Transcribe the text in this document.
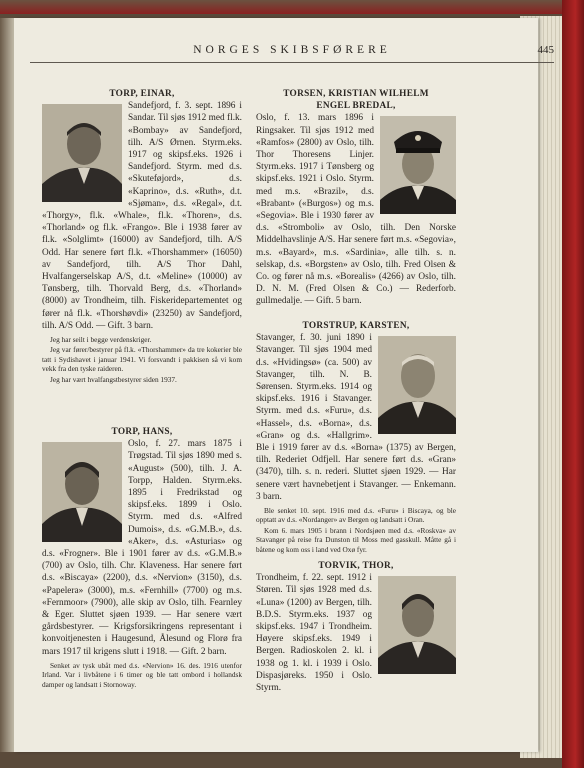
NORGES SKIBSFØRERE	445
TORP, EINAR,

Sandefjord, f. 3. sept. 1896 i Sandar. Til sjøs 1912 med fl.k. «Bombay» av Sandefjord, tilh. A/S Ørnen. Styrm.eks. 1917 og skipsf.eks. 1926 i Sandefjord. Styrm. med d.s. «Skuteføjord», d.s. «Kaprino», d.s. «Ruth», d.t. «Sjøman», d.s. «Regal», d.t. «Thorgy», fl.k. «Whale», fl.k. «Thoren», d.s. «Thorland» og fl.k. «Frango». Ble i 1938 fører av fl.k. «Solglimt» (16000) av Sandefjord, tilh. A/S Odd. Har senere ført fl.k. «Thorshammer» (16050) av Sandefjord, tilh. A/S Thor Dahl, Hvalfangerselskap A/S, d.t. «Meline» (10000) av Tønsberg, tilh. Thorvald Berg, d.s. «Thorland» (8000) av Trondheim, tilh. Fiskeridepartementet og fører nå fl.k. «Thorshøvdi» (23250) av Sandefjord, tilh. A/S Odd. — Gift. 3 barn.

Jeg har seilt i begge verdenskriger.
Jeg var fører/bestyrer på fl.k. «Thorshammer» da tre kokerier ble tatt i Sydishavet i januar 1941. Vi forsvandt i pakkisen så vi kom vekk fra den tyske raideren.
Jeg har vært hvalfangstbestyrer siden 1937.
TORP, HANS,

Oslo, f. 27. mars 1875 i Trøgstad. Til sjøs 1890 med s. «August» (500), tilh. J. A. Torpp, Halden. Styrm.eks. 1895 i Fredrikstad og skipsf.eks. 1899 i Oslo. Styrm. med d.s. «Alfred Dumois», d.s. «G.M.B.», d.s. «Aker», d.s. «Asturias» og d.s. «Frogner». Ble i 1901 fører av d.s. «G.M.B.» (700) av Oslo, tilh. Chr. Klaveness. Har senere ført d.s. «Biscaya» (2200), d.s. «Nervion» (3150), d.s. «Papelera» (3000), m.s. «Fernhill» (7700) og m.s. «Fernmoor» (7900), alle skip av Oslo, tilh. Fearnley & Eger. Sluttet sjøen 1939. — Har senere vært gårdsbestyrer. — Krigsforsikringens representant i konvoitjenesten i Haugesund, Ålesund og Florø fra mars 1917 til krigens slutt i 1918. — Gift. 2 barn.

Senket av tysk ubåt med d.s. «Nervion» 16. des. 1916 utenfor Irland. Var i livbåtene i 6 timer og ble tatt ombord i hollandsk damper og landsatt i Stornoway.
TORSEN, KRISTIAN WILHELM
ENGEL BREDAL,

Oslo, f. 13. mars 1896 i Ringsaker. Til sjøs 1912 med «Ramfos» (2800) av Oslo, tilh. Thor Thoresens Linjer. Styrm.eks. 1917 i Tønsberg og skipsf.eks. 1921 i Oslo. Styrm. med m.s. «Brazil», d.s. «Brabant» («Burgos») og m.s. «Segovia». Ble i 1930 fører av d.s. «Stromboli» av Oslo, tilh. Den Norske Middelhavslinje A/S. Har senere ført m.s. «Segovia», m.s. «Bayard», m.s. «Sardinia», alle tilh. s. n. selskap, d.s. «Borgsten» av Oslo, tilh. Fred Olsen & Co. og fører nå m.s. «Borealis» (4266) av Oslo, tilh. D. N. M. (Fred Olsen & Co.) — Rederforb. gullmedalje. — Gift. 5 barn.

TORSTRUP, KARSTEN,

Stavanger, f. 30. juni 1890 i Stavanger. Til sjøs 1904 med d.s. «Hvidingsø» (ca. 500) av Stavanger, tilh. N. B. Sørensen. Styrm.eks. 1914 og skipsf.eks. 1916 i Stavanger. Styrm. med d.s. «Furu», d.s. «Hassel», d.s. «Borna», d.s. «Gran» og d.s. «Hallgrim». Ble i 1919 fører av d.s. «Borna» (1375) av Bergen, tilh. Rederiet Odfjell. Har senere ført d.s. «Gran» (3470), tilh. s. n. rederi. Sluttet sjøen 1929. — Har senere vært havnebetjent i Stavanger. — Enkemann. 3 barn.

Ble senket 10. sept. 1916 med d.s. «Furu» i Biscaya, og ble opptatt av d.s. «Nordanger» av Bergen og landsatt i Oran.
Kom 6. mars 1905 i brann i Nordsjøen med d.s. «Roskva» av Stavanger på reise fra Dunston til Moss med gasskull. Måtte gå i båtene og kom oss i land ved Oxø fyr.
TORVIK, THOR,

Trondheim, f. 22. sept. 1912 i Støren. Til sjøs 1928 med d.s. «Luna» (1200) av Bergen, tilh. B.D.S. Styrm.eks. 1937 og skipsf.eks. 1947 i Trondheim. Høyere skipsf.eks. 1949 i Bergen. Radioskolen 2. kl. i 1938 og 1. kl. i 1939 i Oslo. Dispasjøreks. 1950 i Oslo. Styrm.
